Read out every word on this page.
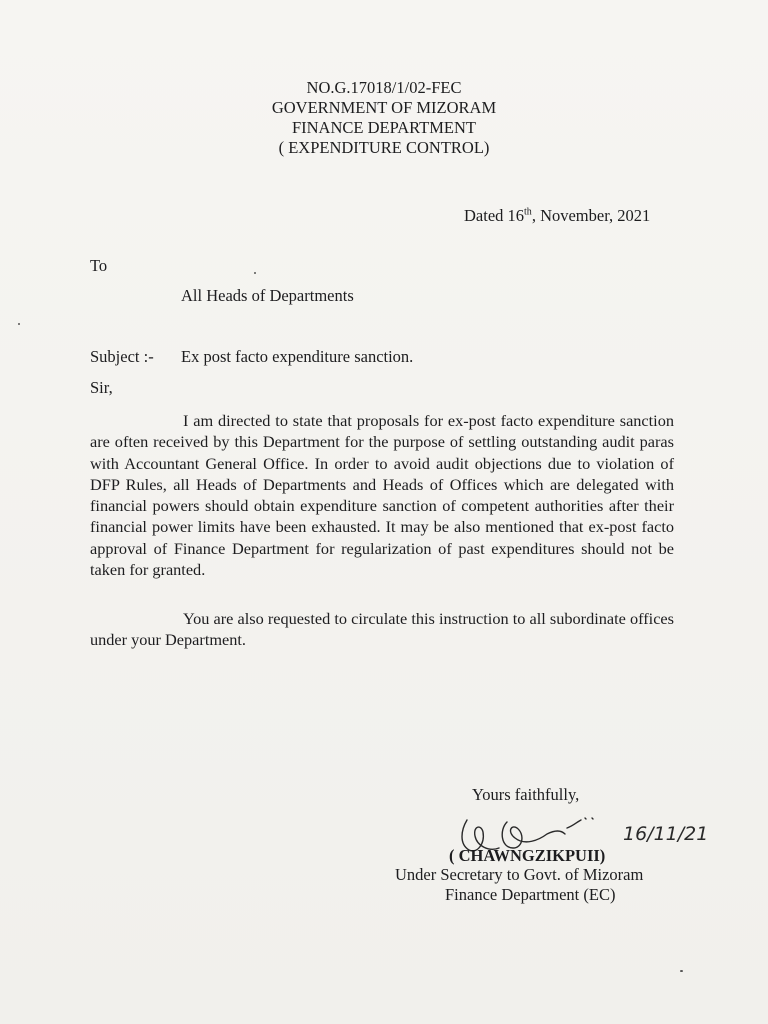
NO.G.17018/1/02-FEC
GOVERNMENT OF MIZORAM
FINANCE DEPARTMENT
( EXPENDITURE CONTROL)
Dated 16th, November, 2021
To
All Heads of Departments
Subject :- Ex post facto expenditure sanction.
Sir,
I am directed to state that proposals for ex-post facto expenditure sanction are often received by this Department for the purpose of settling outstanding audit paras with Accountant General Office. In order to avoid audit objections due to violation of DFP Rules, all Heads of Departments and Heads of Offices which are delegated with financial powers should obtain expenditure sanction of competent authorities after their financial power limits have been exhausted. It may be also mentioned that ex-post facto approval of Finance Department for regularization of past expenditures should not be taken for granted.
You are also requested to circulate this instruction to all subordinate offices under your Department.
Yours faithfully,
16/11/21
( CHAWNGZIKPUII)
Under Secretary to Govt. of Mizoram
Finance Department (EC)
